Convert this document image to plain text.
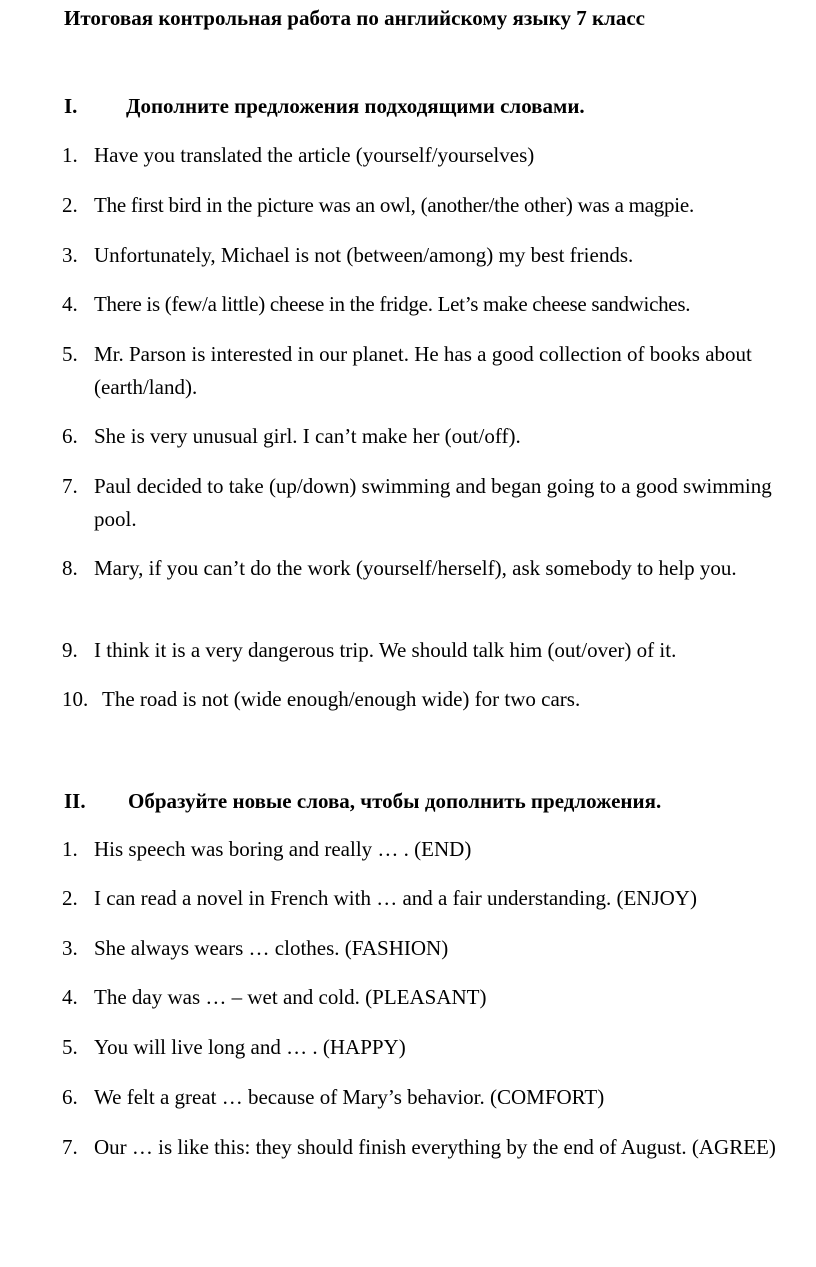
Итоговая контрольная работа по английскому языку 7 класс
I. Дополните предложения подходящими словами.
1. Have you translated the article (yourself/yourselves)
2. The first bird in the picture was an owl, (another/the other) was a magpie.
3. Unfortunately, Michael is not (between/among) my best friends.
4. There is (few/a little) cheese in the fridge. Let’s make cheese sandwiches.
5. Mr. Parson is interested in our planet. He has a good collection of books about (earth/land).
6. She is very unusual girl. I can’t make her (out/off).
7. Paul decided to take (up/down) swimming and began going to a good swimming pool.
8. Mary, if you can’t do the work (yourself/herself), ask somebody to help you.
9. I think it is a very dangerous trip. We should talk him (out/over) of it.
10. The road is not (wide enough/enough wide) for two cars.
II. Образуйте новые слова, чтобы дополнить предложения.
1. His speech was boring and really … . (END)
2. I can read a novel in French with … and a fair understanding. (ENJOY)
3. She always wears … clothes. (FASHION)
4. The day was … – wet and cold. (PLEASANT)
5. You will live long and … . (HAPPY)
6. We felt a great … because of Mary’s behavior. (COMFORT)
7. Our … is like this: they should finish everything by the end of August. (AGREE)
